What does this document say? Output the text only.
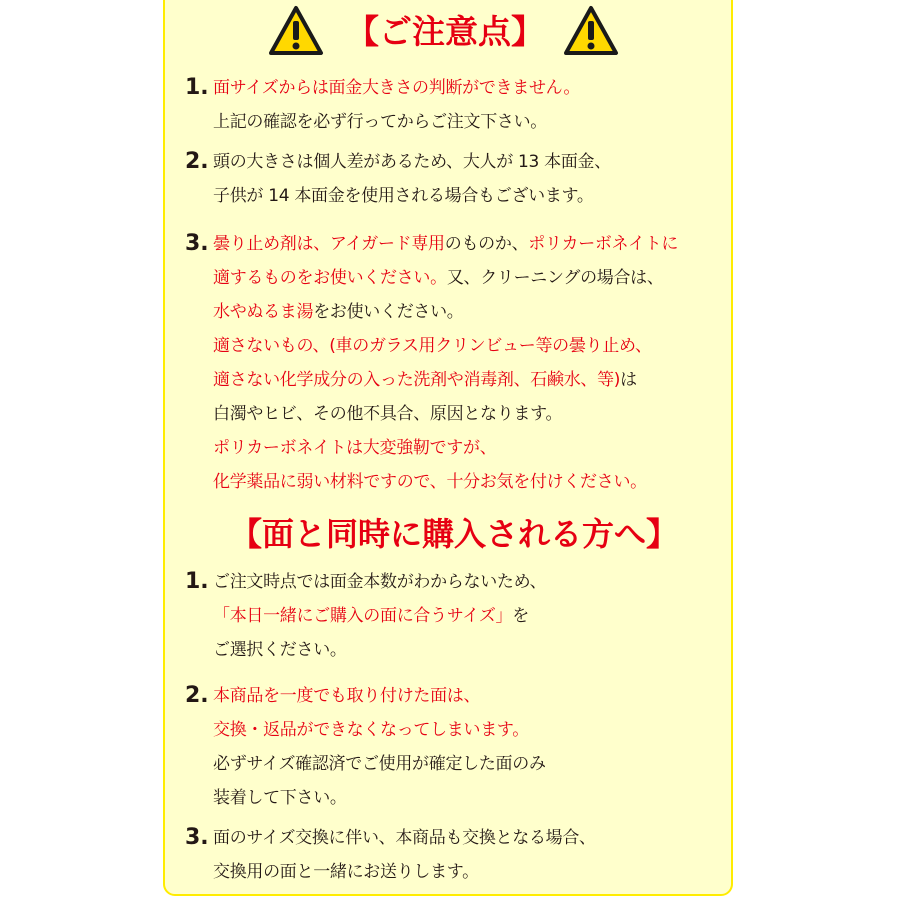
【ご注意点】
1. 面サイズからは面金大きさの判断ができません。
上記の確認を必ず行ってからご注文下さい。
2. 頭の大きさは個人差があるため、大人が 13 本面金、
子供が 14 本面金を使用される場合もございます。
3. 曇り止め剤は、アイガード専用のものか、ポリカーボネイトに
適するものをお使いください。又、クリーニングの場合は、
水やぬるま湯をお使いください。
適さないもの、(車のガラス用クリンビュー等の曇り止め、
適さない化学成分の入った洗剤や消毒剤、石鹸水、等)は
白濁やヒビ、その他不具合、原因となります。
ポリカーボネイトは大変強靭ですが、
化学薬品に弱い材料ですので、十分お気を付けください。
【面と同時に購入される方へ】
1. ご注文時点では面金本数がわからないため、
「本日一緒にご購入の面に合うサイズ」を
ご選択ください。
2. 本商品を一度でも取り付けた面は、
交換・返品ができなくなってしまいます。
必ずサイズ確認済でご使用が確定した面のみ
装着して下さい。
3. 面のサイズ交換に伴い、本商品も交換となる場合、
交換用の面と一緒にお送りします。
